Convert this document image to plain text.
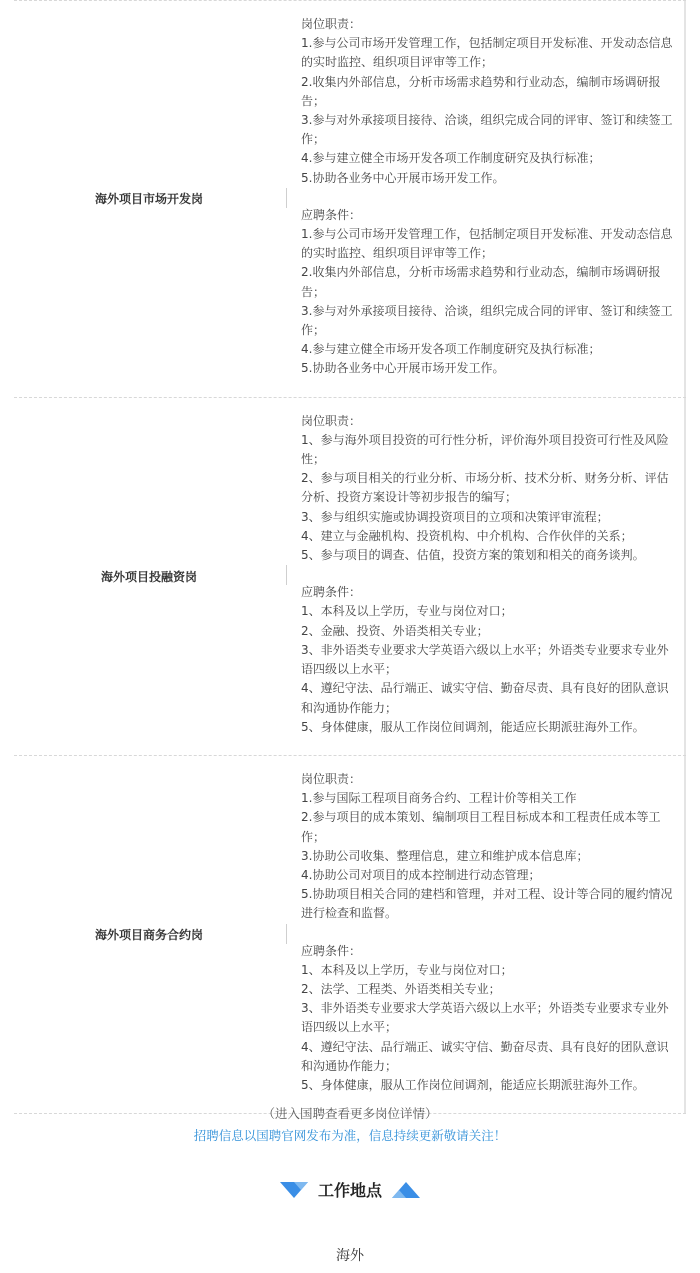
海外项目市场开发岗

岗位职责：

1.参与公司市场开发管理工作，包括制定项目开发标准、开发动态信息的实时监控、组织项目评审等工作；

2.收集内外部信息，分析市场需求趋势和行业动态，编制市场调研报告；

3.参与对外承接项目接待、洽谈，组织完成合同的评审、签订和续签工作；

4.参与建立健全市场开发各项工作制度研究及执行标准；

5.协助各业务中心开展市场开发工作。

应聘条件：

1.参与公司市场开发管理工作，包括制定项目开发标准、开发动态信息的实时监控、组织项目评审等工作；

2.收集内外部信息，分析市场需求趋势和行业动态，编制市场调研报告；

3.参与对外承接项目接待、洽谈，组织完成合同的评审、签订和续签工作；

4.参与建立健全市场开发各项工作制度研究及执行标准；

5.协助各业务中心开展市场开发工作。

海外项目投融资岗

岗位职责：

1、参与海外项目投资的可行性分析，评价海外项目投资可行性及风险性；

2、参与项目相关的行业分析、市场分析、技术分析、财务分析、评估分析、投资方案设计等初步报告的编写；

3、参与组织实施或协调投资项目的立项和决策评审流程；

4、建立与金融机构、投资机构、中介机构、合作伙伴的关系；

5、参与项目的调查、估值，投资方案的策划和相关的商务谈判。

应聘条件：

1、本科及以上学历，专业与岗位对口；

2、金融、投资、外语类相关专业；

3、非外语类专业要求大学英语六级以上水平；外语类专业要求专业外语四级以上水平；

4、遵纪守法、品行端正、诚实守信、勤奋尽责、具有良好的团队意识和沟通协作能力；

5、身体健康，服从工作岗位间调剂，能适应长期派驻海外工作。

海外项目商务合约岗

岗位职责：

1.参与国际工程项目商务合约、工程计价等相关工作

2.参与项目的成本策划、编制项目工程目标成本和工程责任成本等工作；

3.协助公司收集、整理信息，建立和维护成本信息库；

4.协助公司对项目的成本控制进行动态管理；

5.协助项目相关合同的建档和管理，并对工程、设计等合同的履约情况进行检查和监督。

应聘条件：

1、本科及以上学历，专业与岗位对口；

2、法学、工程类、外语类相关专业；

3、非外语类专业要求大学英语六级以上水平；外语类专业要求专业外语四级以上水平；

4、遵纪守法、品行端正、诚实守信、勤奋尽责、具有良好的团队意识和沟通协作能力；

5、身体健康，服从工作岗位间调剂，能适应长期派驻海外工作。

（进入国聘查看更多岗位详情）
招聘信息以国聘官网发布为准，信息持续更新敬请关注！
工作地点
海外
